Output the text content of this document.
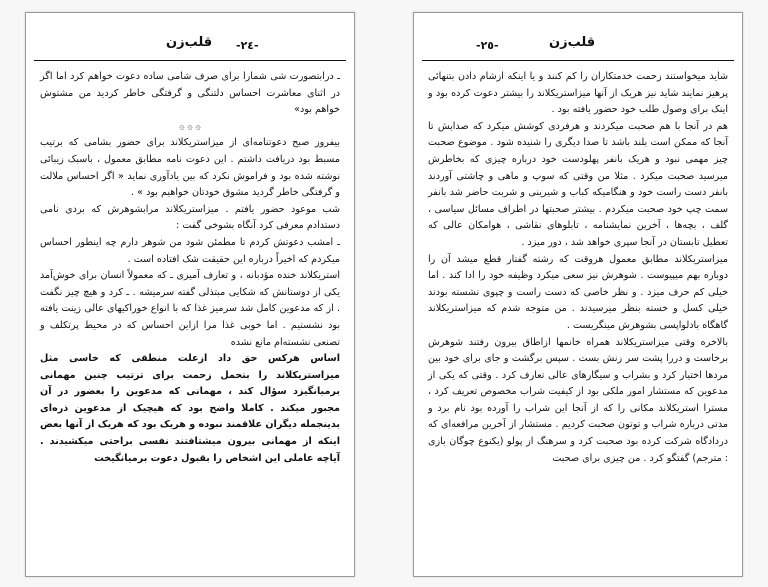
-٢٤-
قلب‌زن

ـ درابتصورت شی شمارا برای صرف شامی ساده دعوت خواهم کرد اما اگر در اثنای معاشرت احساس دلتنگی و گرفتگی خاطر کردید من مشتوش خواهم بود»

۞ ۞ ۞

بیفروز صبح دعوتنامه‌ای از میزاستریکلاند برای حضور بشامی که برتیب مسبط بود دریافت داشتم . این دعوت نامه مطابق معمول ، باسبک زیبائی نوشته شده بود و فراموش نکرد که‌ بین یادآوری نماید « اگر احساس ملالت و گرفتگی خاطر گردید مشوق خودتان خواهیم بود » .

شب موعود حضور یافتم . میزاستریکلاند مرابشوهرش که بردی نامی دستدادم معرفی کرد آنگاه بشوخی گفت :

ـ امشب دعوتش کردم تا مطمئن شود من شوهر دارم چه اینطور احساس میکردم که اخیراً درباره این حقیقت شک افتاده است .

استریکلاند خنده مؤدبانه‌ ، و تعارف آمیزی ـ که معمولاً انسان برای خوش‌آمد یکی از دوستانش که شکایی مبتذلی گفته سرمیشه . ـ کرد و هیچ چیز نگفت . از که مدعوین کامل شد سرمیز غذا که با انواع خوراکیهای عالی زینت یافته بود نشستیم . اما خوبی غذا مرا ازاین احساس که در محیط پرتکلف و تصنعی نشسته‌ام مانع نشده

اساس هرکس حق داد ازعلت منطقی که خاسی مثل میزاستریکلاند را بتحمل زحمت برای ترتیب چنین مهمانی برمیانگیزد سؤال کند ، مهمانی که مدعوین را بعضور در آن مجبور میکند . کاملا واضح بود که هیچیک از مدعوین ذره‌ای بدینجمله دیگران علاقمند نبوده و هریک بود که هریک از آنها بعض اینکه از مهمانی بیرون میشتافتند نفسی براحتی میکشیدند . آیاچه عاملی این اشخاص را بقبول دعوت برمیانگیخت

-٢٥-	قلب‌زن

شاید میخواستند زحمت خدمتکاران را کم کنند و یا اینکه ازشام دادن بتنهائی پرهیز نمایند شاید نیز هریک از آنها میزاستریکلاند را بیشتر دعوت کرده بود و اینک برای وصول طلب خود حضور یافته بود .

هم در آنجا با هم صحبت میکردند و هرفردی کوشش میکرد که صدایش تا آنجا که ممکن است بلند باشد تا صدا دیگری را شنیده شود . موضوع صحبت چیز مهمی نبود و هریک بانفر پهلودست خود درباره چیزی که بخاطرش میرسید صحبت میکرد . مثلا من وقتی که سوپ و ماهی و چاشتی آوردند بانفر دست راست خود و هنگامیکه کباب و شیرینی و شربت حاضر شد بانفر سمت چپ خود صحبت میکردم . بیشتر صحبتها در اطراف مسائل سیاسی ، گلف ، بچه‌ها ، آخرین نمایشنامه ، تابلوهای نقاشی ، هوامکان عالی که تعطیل تابستان در آنجا سپری خواهد شد ، دور میزد .

میزاستریکلاند مطابق معمول هروقت که رشته گفتار قطع میشد آن را دوباره بهم میپیوست . شوهرش نیز سعی میکرد وظیفه خود را ادا کند . اما خیلی کم حرف میزد . و نظر خاصی که دست راست و چپوی نشسته بودند خیلی کسل و خسته بنظر میرسیدند . من متوجه شدم که میزاستریکلاند گاهگاه بادلواپسی بشوهرش مینگریست .

بالاخره وقتی میزاستریکلاند همراه خانمها ازاطاق بیرون رفتند شوهرش برخاست و دررا پشت سر زنش بست . سپس برگشت و جای برای خود بین مردها اختیار کرد و بشراب و سیگارهای عالی تعارف کرد . وقتی که یکی از مدعوین که مستشار امور ملکی بود از کیفیت شراب مخصوص تعریف کرد ، مسترا استریکلاند مکانی را که از آنجا این شراب را آورده بود نام برد و مدتی درباره شراب و توتون صحبت کردیم . مستشار از آخرین مرافعه‌ای که دردادگاه شرکت کرده بود صحبت کرد و سرهنگ از پولو (یکنوع چوگان بازی : مترجم) گفتگو کرد . من چیزی برای صحبت
